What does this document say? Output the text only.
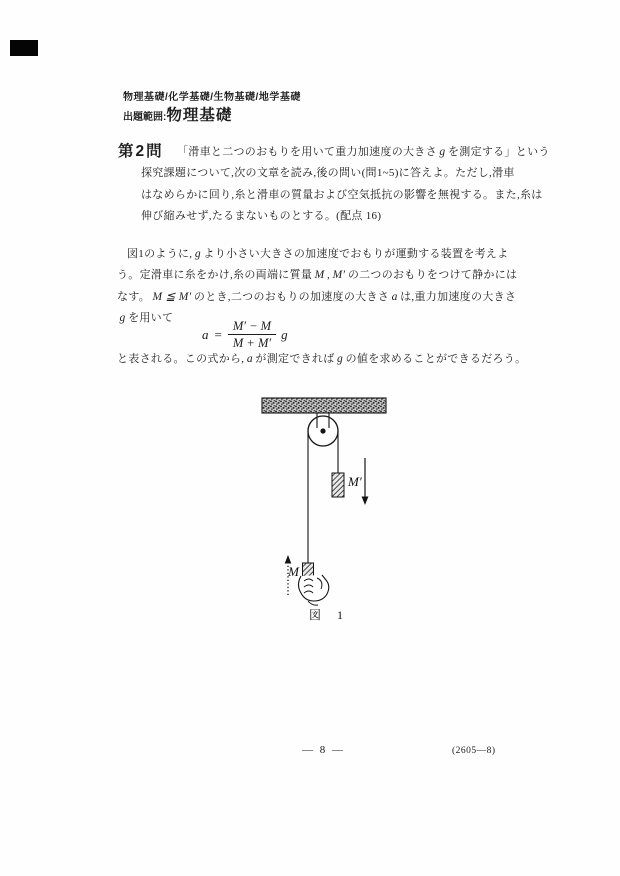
物理基礎/化学基礎/生物基礎/地学基礎
出題範囲: 物理基礎
第2問 「滑車と二つのおもりを用いて重力加速度の大きさ g を測定する」という
探究課題について,次の文章を読み,後の問い(問1~5)に答えよ。ただし,滑車
はなめらかに回り,糸と滑車の質量および空気抵抗の影響を無視する。また,糸は
伸び縮みせず,たるまないものとする。(配点 16)
図1のように, g より小さい大きさの加速度でおもりが運動する装置を考えよ
う。定滑車に糸をかけ,糸の両端に質量 M , M′ の二つのおもりをつけて静かには
なす。 M ≦ M′ のとき,二つのおもりの加速度の大きさ a は,重力加速度の大きさ
g を用いて
$a = \frac{M' - M}{M + M'}$ g
と表される。この式から, a が測定できれば g の値を求めることができるだろう。
M′
M
図　1
— 8 —	(2605—8)
